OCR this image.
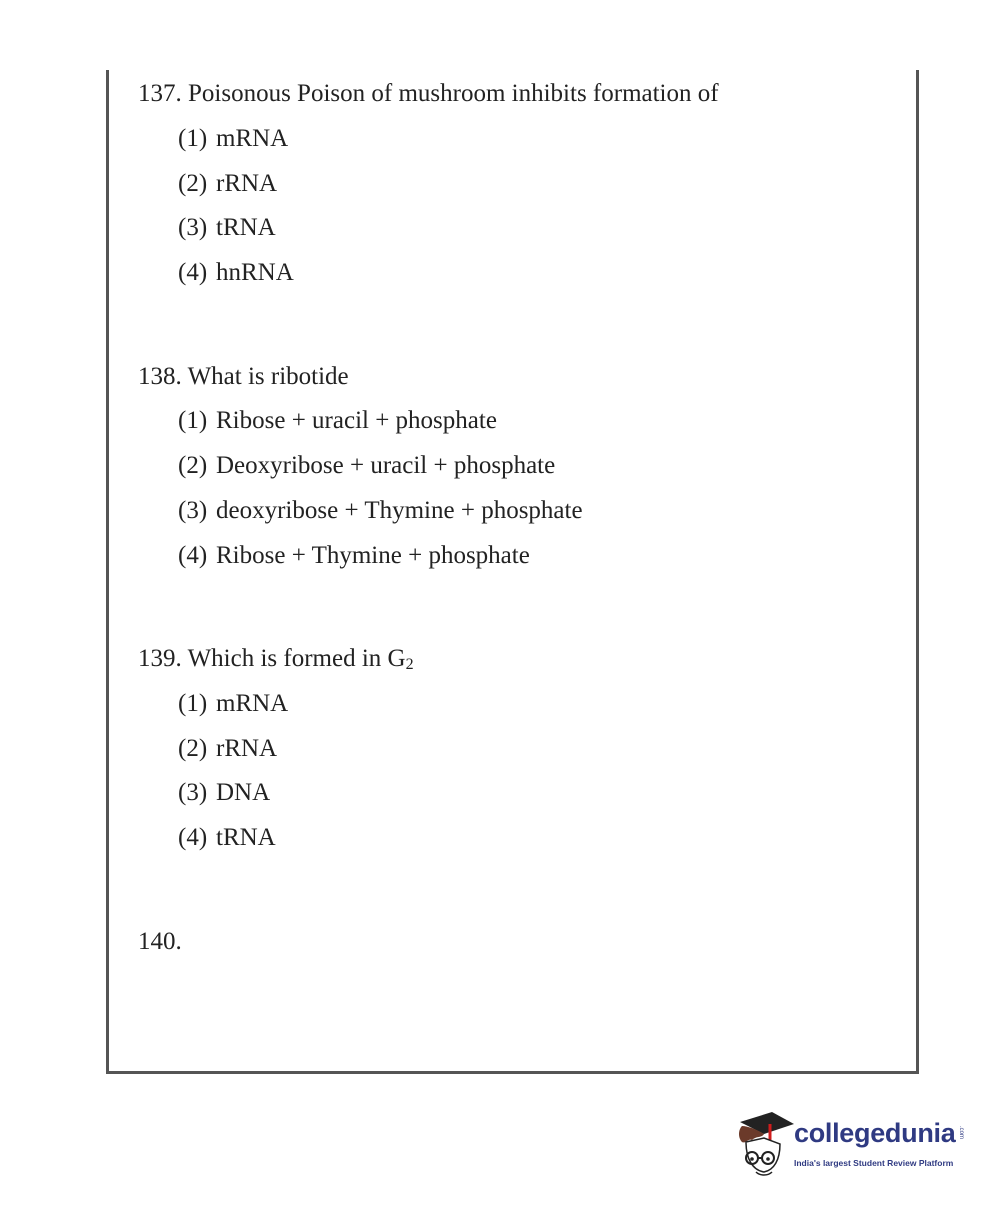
137. Poisonous Poison of mushroom inhibits formation of
(1) mRNA
(2) rRNA
(3) tRNA
(4) hnRNA
138. What is ribotide
(1) Ribose + uracil + phosphate
(2) Deoxyribose + uracil + phosphate
(3) deoxyribose + Thymine + phosphate
(4) Ribose + Thymine + phosphate
139. Which is formed in $G_2$
(1) mRNA
(2) rRNA
(3) DNA
(4) tRNA
140.
collegedunia .com
India's largest Student Review Platform
